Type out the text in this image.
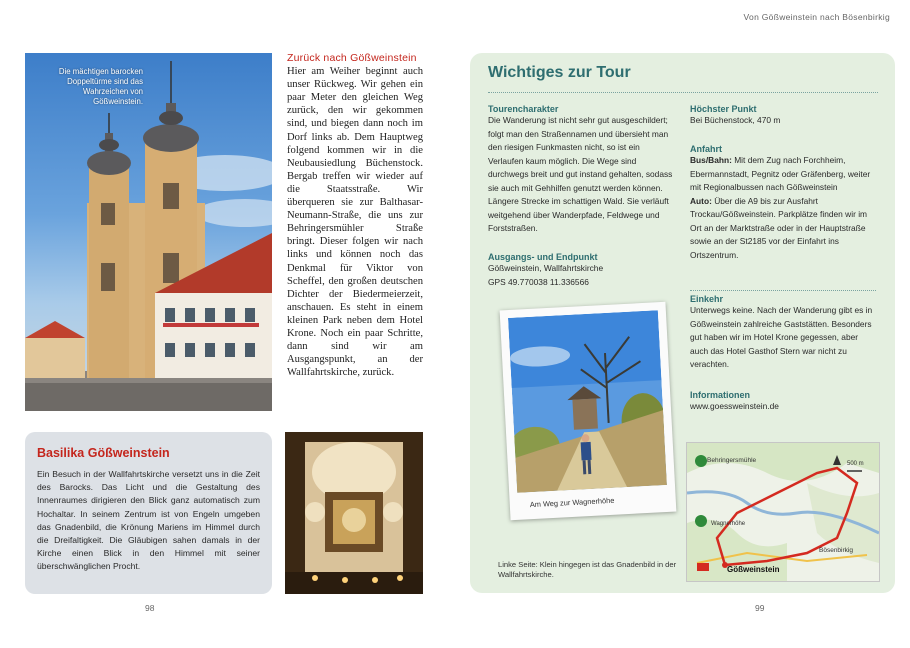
Von Gößweinstein nach Bösenbirkig
Die mächtigen barocken Doppeltürme sind das Wahrzeichen von Gößweinstein.
Zurück nach Gößweinstein
Hier am Weiher beginnt auch unser Rückweg. Wir gehen ein paar Meter den gleichen Weg zurück, den wir gekommen sind, und biegen dann noch im Dorf links ab. Dem Hauptweg folgend kommen wir in die Neubausiedlung Büchenstock. Bergab treffen wir wieder auf die Staatsstraße. Wir überqueren sie zur Balthasar-Neumann-Straße, die uns zur Behringersmühler Straße bringt. Dieser folgen wir nach links und können noch das Denkmal für Viktor von Scheffel, den großen deutschen Dichter der Biedermeierzeit, anschauen. Es steht in einem kleinen Park neben dem Hotel Krone. Noch ein paar Schritte, dann sind wir am Ausgangspunkt, an der Wallfahrtskirche, zurück.
Basilika Gößweinstein

Ein Besuch in der Wallfahrtskirche versetzt uns in die Zeit des Barocks. Das Licht und die Gestaltung des Innenraumes dirigieren den Blick ganz automatisch zum Hochaltar. In seinem Zentrum ist von Engeln umgeben das Gnadenbild, die Krönung Mariens im Himmel durch die Dreifaltigkeit. Die Gläubigen sahen damals in der Kirche einen Blick in den Himmel mit seiner überschwänglichen Procht.

98
Wichtiges zur Tour
Tourencharakter
Die Wanderung ist nicht sehr gut ausgeschildert; folgt man den Straßennamen und übersieht man den riesigen Funkmasten nicht, so ist ein Verlaufen kaum möglich. Die Wege sind durchwegs breit und gut instand gehalten, sodass sie auch mit Gehhilfen genutzt werden können. Längere Strecke im schattigen Wald. Sie verläuft weitgehend über Wanderpfade, Feldwege und Forststraßen.
Ausgangs- und Endpunkt
Gößweinstein, Wallfahrtskirche
GPS 49.770038 11.336566
Höchster Punkt
Bei Büchenstock, 470 m
Anfahrt
Bus/Bahn: Mit dem Zug nach Forchheim, Ebermannstadt, Pegnitz oder Gräfenberg, weiter mit Regionalbussen nach Gößweinstein
Auto: Über die A9 bis zur Ausfahrt Trockau/Gößweinstein. Parkplätze finden wir im Ort an der Marktstraße oder in der Hauptstraße sowie an der St2185 vor der Einfahrt ins Ortszentrum.
Einkehr
Unterwegs keine. Nach der Wanderung gibt es in Gößweinstein zahlreiche Gaststätten. Besonders gut haben wir im Hotel Krone gegessen, aber auch das Hotel Gasthof Stern war nicht zu verachten.
Informationen
www.goessweinstein.de
Am Weg zur Wagnerhöhe
Behringersmühle
Wagnerhöhe
Gößweinstein
Bösenbirkig
500 m
Linke Seite: Klein hingegen ist das Gnadenbild in der Wallfahrtskirche.
99
